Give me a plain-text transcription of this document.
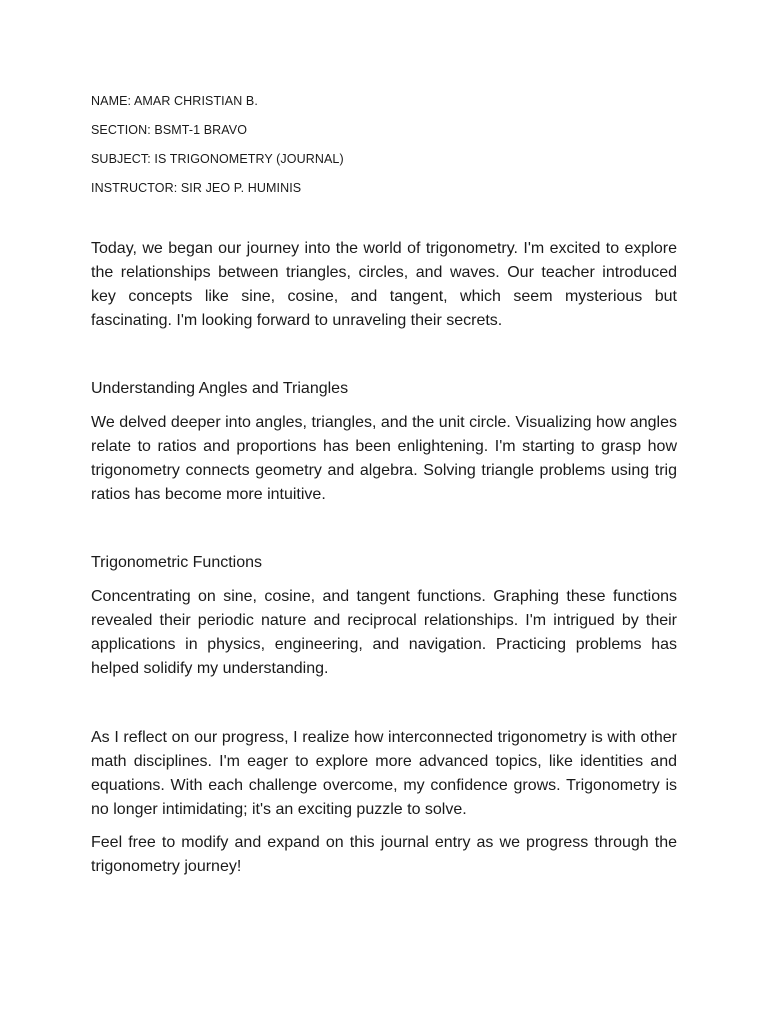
NAME: AMAR CHRISTIAN B.
SECTION: BSMT-1 BRAVO
SUBJECT: IS TRIGONOMETRY (JOURNAL)
INSTRUCTOR: SIR JEO P. HUMINIS

Today, we began our journey into the world of trigonometry. I'm excited to explore the relationships between triangles, circles, and waves. Our teacher introduced key concepts like sine, cosine, and tangent, which seem mysterious but fascinating. I'm looking forward to unraveling their secrets.

Understanding Angles and Triangles

We delved deeper into angles, triangles, and the unit circle. Visualizing how angles relate to ratios and proportions has been enlightening. I'm starting to grasp how trigonometry connects geometry and algebra. Solving triangle problems using trig ratios has become more intuitive.

Trigonometric Functions

Concentrating on sine, cosine, and tangent functions. Graphing these functions revealed their periodic nature and reciprocal relationships. I'm intrigued by their applications in physics, engineering, and navigation. Practicing problems has helped solidify my understanding.

As I reflect on our progress, I realize how interconnected trigonometry is with other math disciplines. I'm eager to explore more advanced topics, like identities and equations. With each challenge overcome, my confidence grows. Trigonometry is no longer intimidating; it's an exciting puzzle to solve.

Feel free to modify and expand on this journal entry as we progress through the trigonometry journey!
